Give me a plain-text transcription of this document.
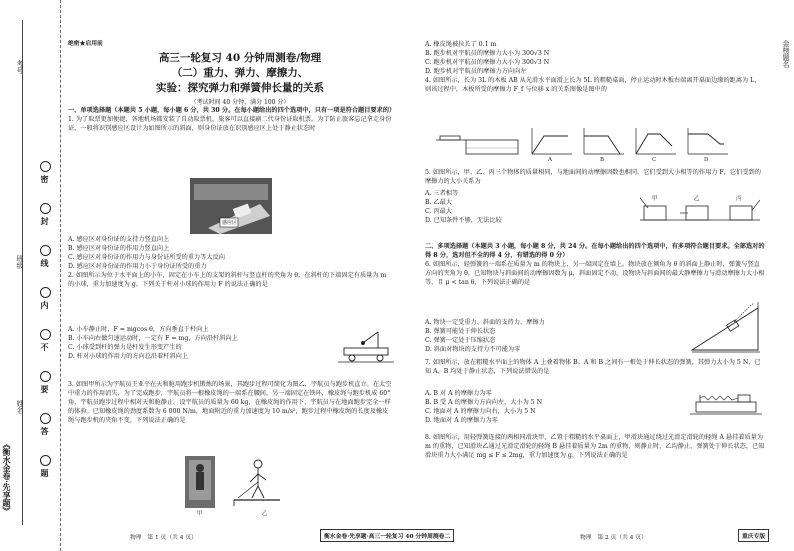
《衡水金卷·先享题》
姓名
班级
考号
密
封
线
内
不
要
答
题
金榜题名

绝密★启用前

高三一轮复习 40 分钟周测卷/物理
（二）重力、弹力、摩擦力、
实验：探究弹力和弹簧伸长量的关系
（考试时间 40 分钟，满分 100 分）

一、单项选择题（本题共 5 小题，每小题 6 分，共 30 分。在每小题给出的四个选项中，只有一项是符合题目要求的）

1. 为了取票更加便捷，各地机场都安装了自动取票机，旅客可以直接刷二代身份证取机票。为了防止旅客忘记拿走身份证，一般将识别感应区设计为如图所示的斜面，则身份证放在识别感应区上处于静止状态时

感应区

A. 感应区对身份证的支持力竖直向上

B. 感应区对身份证的作用力竖直向上

C. 感应区对身份证的作用力与身份证所受的重力等大反向

D. 感应区对身份证的作用力小于身份证所受的重力

2. 如图所示为位于水平面上的小车，固定在小车上的支架的斜杆与竖直杆的夹角为 θ，在斜杆的下端固定有质量为 m 的小球，重力加速度为 g。下列关于杆对小球的作用力 F 的说法正确的是

A. 小车静止时，F = mgcos θ，方向垂直于杆向上

B. 小车向右做匀速运动时，一定有 F = mg，方向沿杆斜向上

C. 小球受到杆的弹力是杆发生形变产生的

D. 杆对小球的作用力的方向总沿着杆斜向上

3. 如图甲所示为宇航员王亚平在天和舱用跑步机锻炼的场景，其跑步过程可简化为图乙，宇航员与跑步机直立。在太空中重力的作用消失，为了完成跑步，宇航员将一根橡皮绳的一端系在腰间，另一端固定在铁环，橡皮绳与跑步机成 60° 角，宇航员跑步过程中相对天和舱静止。设宇航员的质量为 60 kg，在橡皮绳的作用下，宇航员与在地面跑步完全一样的体验。已知橡皮绳的劲度系数为 6 000 N/m，地面附近的重力加速度为 10 m/s²，跑步过程中橡皮绳的长度及橡皮绳与跑步机的夹角不变，下列说法正确的是

甲	乙

A. 橡皮绳被拉长了 0.1 m

B. 跑步机对宇航员的摩擦力大小为 300√3 N

C. 跑步机对宇航员的摩擦力大小为 300√3 N

D. 跑步机对宇航员的摩擦力方向向左

4. 如图所示，长为 3L 的木板 AB 从光滑水平面滑上长为 5L 的粗糙桌面，停止运动时木板右端离开桌面边缘的距离为 L，则该过程中，木板所受的摩擦力 F_f 与位移 x 的关系图像是图中的

A	B	C	D

5. 如图所示，甲、乙、丙三个物体的质量相同，与地面间的动摩擦因数也相同，它们受到大小相等的作用力 F，它们受到的摩擦力的大小关系为

A. 三者相等

B. 乙最大

C. 丙最大

D. 已知条件不够，无法比较

甲	乙	丙

二、多项选择题（本题共 3 小题，每小题 8 分，共 24 分。在每小题给出的四个选项中，有多项符合题目要求。全部选对的得 8 分，选对但不全的得 4 分，有错选的得 0 分）

6. 如图所示，轻弹簧的一端系在质量为 m 的物块上，另一端固定在墙上。物块放在倾角为 θ 的斜面上静止时，弹簧与竖直方向的夹角为 θ，已知物块与斜面间的动摩擦因数为 μ，斜面固定不动。设物块与斜面间的最大静摩擦力与滑动摩擦力大小相等，且 μ < tan θ，下列说法正确的是

A. 物块一定受重力、斜面的支持力、摩擦力

B. 弹簧可能处于伸长状态

C. 弹簧一定处于压缩状态

D. 斜面对物块的支持力不可能为零

7. 如图所示，放在粗糙水平面上的物体 A 上叠着物体 B。A 和 B 之间有一根处于伸长状态的弹簧，其弹力大小为 5 N，已知 A、B 均处于静止状态，下列说法错误的是

A. B 对 A 的摩擦力为零

B. B 受 A 的摩擦力方向向左，大小为 5 N

C. 地面对 A 的摩擦力向右，大小为 5 N

D. 地面对 A 的摩擦力为零

8. 如图所示，用轻弹簧连接的两相同滑块甲、乙置于粗糙的水平桌面上，甲滑块通过绕过光滑定滑轮的轻绳 A 悬挂着质量为 m 的重物，已知滑块乙通过光滑定滑轮的轻绳 B 悬挂着质量为 2m 的重物，则静止时，乙均静止，弹簧处于伸长状态，已知滑块重力大小满足 mg ≤ F ≤ 2mg，重力加速度为 g，下列说法正确的是

物理　第 1 页（共 4 页）	衡水金卷·先享题·高三一轮复习 40 分钟周测卷二	物理　第 2 页（共 4 页）	重庆专版
